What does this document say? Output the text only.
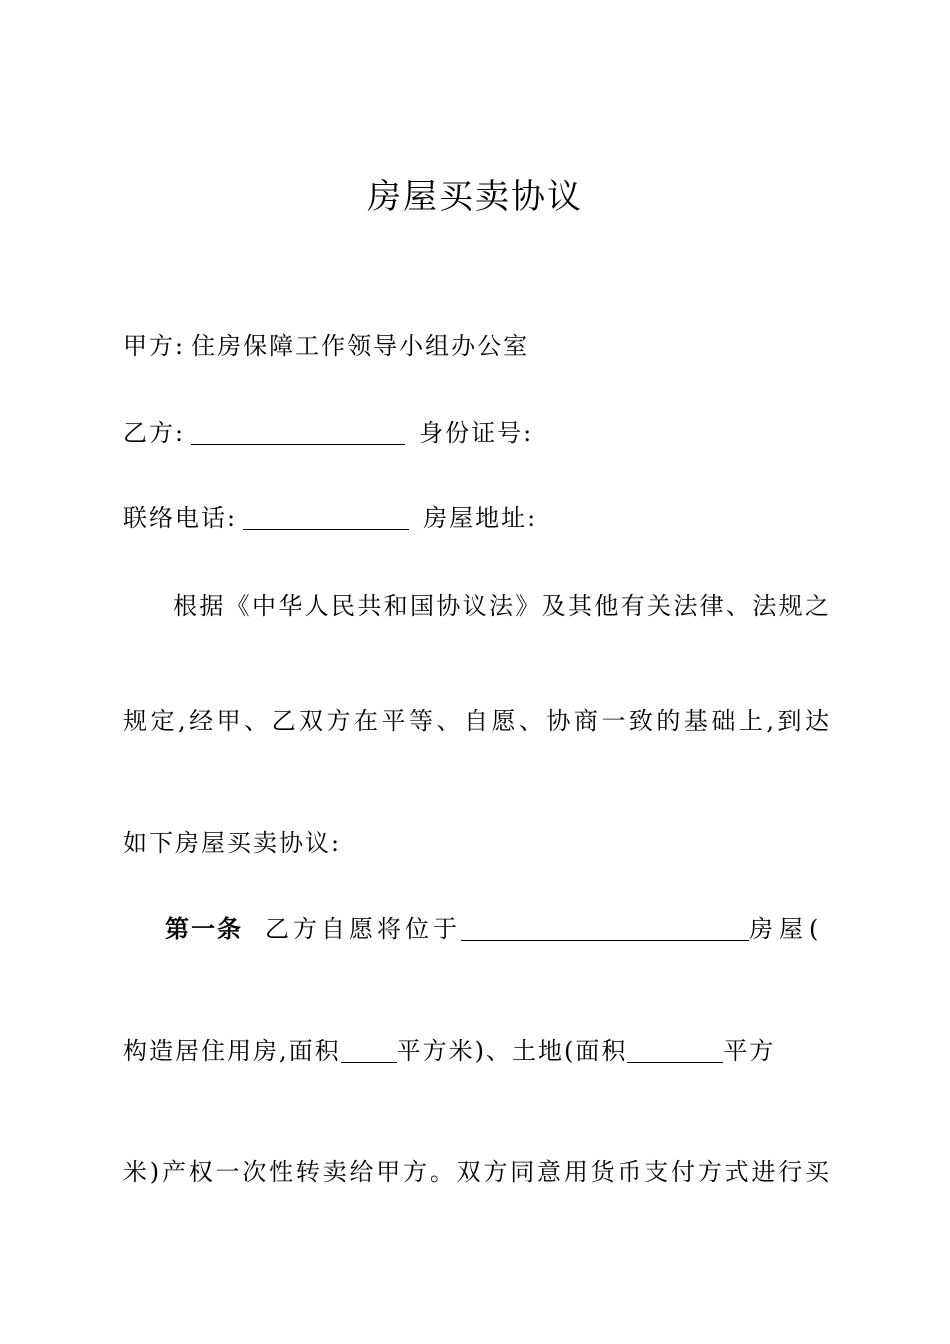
房屋买卖协议
甲方: 住房保障工作领导小组办公室
乙方:	身份证号:
联络电话:	房屋地址:
根据《中华人民共和国协议法》及其他有关法律、法规之
规定,经甲、乙双方在平等、自愿、协商一致的基础上,到达
如下房屋买卖协议:
第一条 乙方自愿将位于	房屋(
构造居住用房,面积 平方米)、土地(面积	平方
米)产权一次性转卖给甲方。双方同意用货币支付方式进行买
